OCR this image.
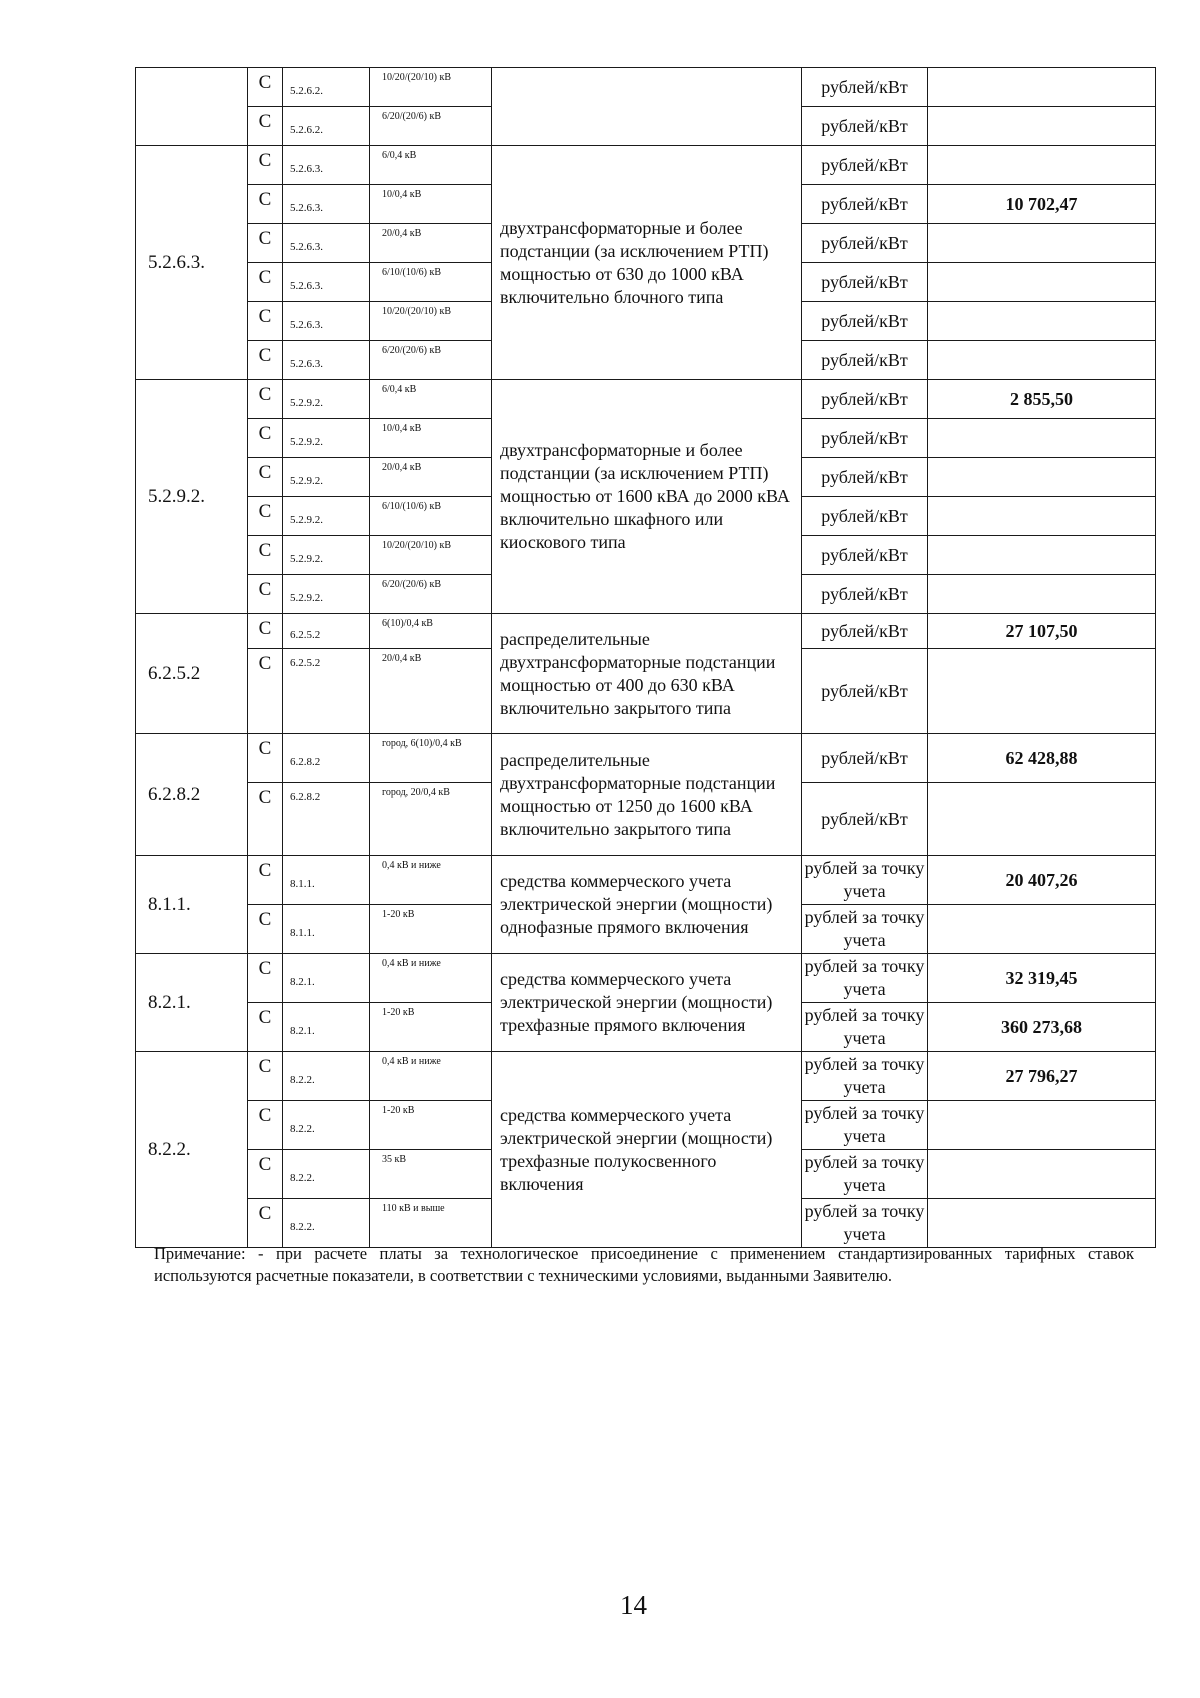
	С	5.2.6.2.	10/20/(20/10) кВ		рублей/кВт	
	С	5.2.6.2.	6/20/(20/6) кВ		рублей/кВт	
5.2.6.3.	С	5.2.6.3.	6/0,4 кВ	двухтрансформаторные и более подстанции (за исключением РТП) мощностью от 630 до 1000 кВА включительно блочного типа	рублей/кВт	
	С	5.2.6.3.	10/0,4 кВ		рублей/кВт	10 702,47
	С	5.2.6.3.	20/0,4 кВ		рублей/кВт	
	С	5.2.6.3.	6/10/(10/6) кВ		рублей/кВт	
	С	5.2.6.3.	10/20/(20/10) кВ		рублей/кВт	
	С	5.2.6.3.	6/20/(20/6) кВ		рублей/кВт	
5.2.9.2.	С	5.2.9.2.	6/0,4 кВ	двухтрансформаторные и более подстанции (за исключением РТП) мощностью от 1600 кВА до 2000 кВА включительно шкафного или киоскового типа	рублей/кВт	2 855,50
	С	5.2.9.2.	10/0,4 кВ		рублей/кВт	
	С	5.2.9.2.	20/0,4 кВ		рублей/кВт	
	С	5.2.9.2.	6/10/(10/6) кВ		рублей/кВт	
	С	5.2.9.2.	10/20/(20/10) кВ		рублей/кВт	
	С	5.2.9.2.	6/20/(20/6) кВ		рублей/кВт	
6.2.5.2	С	6.2.5.2	6(10)/0,4 кВ	распределительные двухтрансформаторные подстанции мощностью от 400 до 630 кВА включительно закрытого типа	рублей/кВт	27 107,50
	С	6.2.5.2	20/0,4 кВ		рублей/кВт	
6.2.8.2	С	6.2.8.2	город, 6(10)/0,4 кВ	распределительные двухтрансформаторные подстанции мощностью от 1250 до 1600 кВА включительно закрытого типа	рублей/кВт	62 428,88
	С	6.2.8.2	город, 20/0,4 кВ		рублей/кВт	
8.1.1.	С	8.1.1.	0,4 кВ и ниже	средства коммерческого учета электрической энергии (мощности) однофазные прямого включения	рублей за точку учета	20 407,26
	С	8.1.1.	1-20 кВ		рублей за точку учета	
8.2.1.	С	8.2.1.	0,4 кВ и ниже	средства коммерческого учета электрической энергии (мощности) трехфазные прямого включения	рублей за точку учета	32 319,45
	С	8.2.1.	1-20 кВ		рублей за точку учета	360 273,68
8.2.2.	С	8.2.2.	0,4 кВ и ниже	средства коммерческого учета электрической энергии (мощности) трехфазные полукосвенного включения	рублей за точку учета	27 796,27
	С	8.2.2.	1-20 кВ		рублей за точку учета	
	С	8.2.2.	35 кВ		рублей за точку учета	
	С	8.2.2.	110 кВ и выше		рублей за точку учета	
Примечание: - при расчете платы за технологическое присоединение с применением стандартизированных тарифных ставок используются расчетные показатели, в соответствии с техническими условиями, выданными Заявителю.
14
